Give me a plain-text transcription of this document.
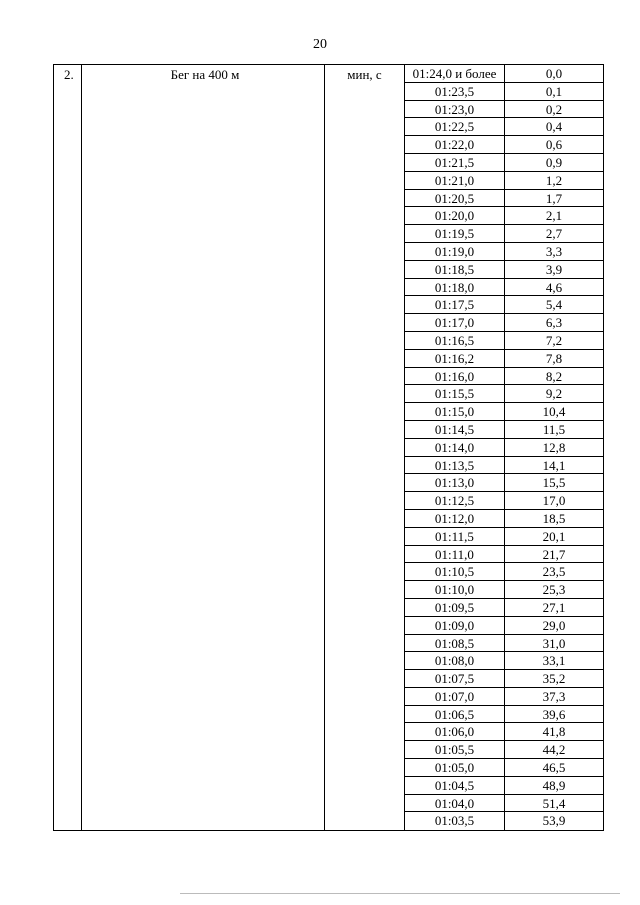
20
2.	Бег на 400 м	мин, с	01:24,0 и более	0,0
01:23,5	0,1
01:23,0	0,2
01:22,5	0,4
01:22,0	0,6
01:21,5	0,9
01:21,0	1,2
01:20,5	1,7
01:20,0	2,1
01:19,5	2,7
01:19,0	3,3
01:18,5	3,9
01:18,0	4,6
01:17,5	5,4
01:17,0	6,3
01:16,5	7,2
01:16,2	7,8
01:16,0	8,2
01:15,5	9,2
01:15,0	10,4
01:14,5	11,5
01:14,0	12,8
01:13,5	14,1
01:13,0	15,5
01:12,5	17,0
01:12,0	18,5
01:11,5	20,1
01:11,0	21,7
01:10,5	23,5
01:10,0	25,3
01:09,5	27,1
01:09,0	29,0
01:08,5	31,0
01:08,0	33,1
01:07,5	35,2
01:07,0	37,3
01:06,5	39,6
01:06,0	41,8
01:05,5	44,2
01:05,0	46,5
01:04,5	48,9
01:04,0	51,4
01:03,5	53,9
